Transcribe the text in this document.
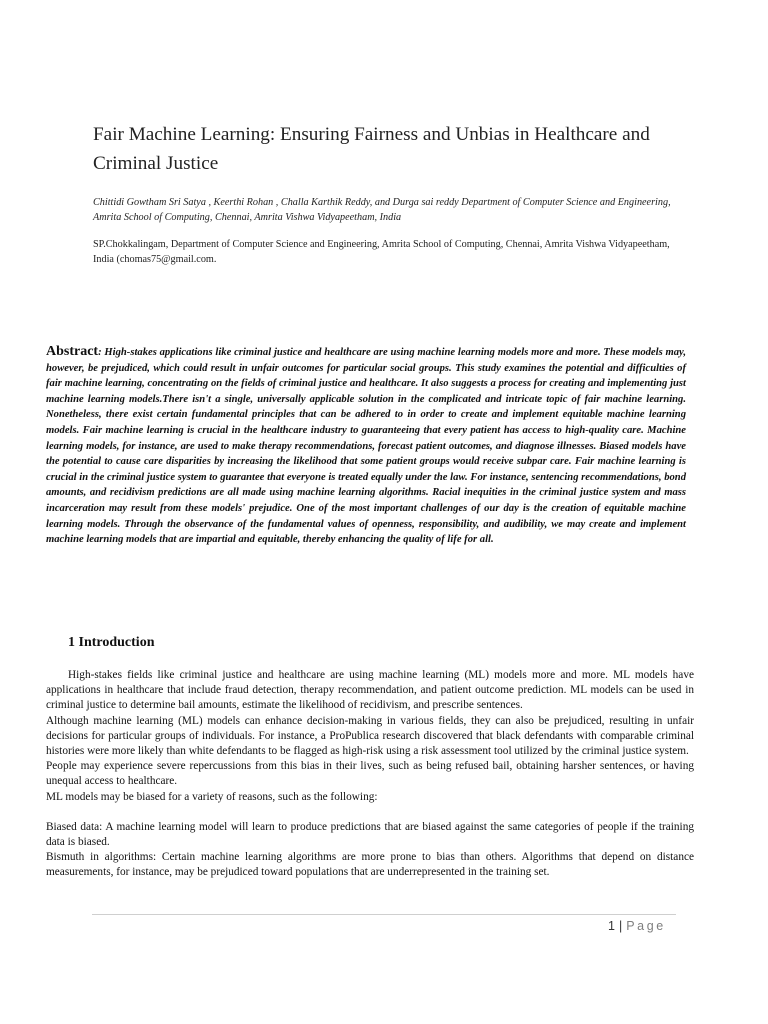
Fair Machine Learning: Ensuring Fairness and Unbias in Healthcare and Criminal Justice

Chittidi Gowtham Sri Satya , Keerthi Rohan , Challa Karthik Reddy, and Durga sai reddy Department of Computer Science and Engineering, Amrita School of Computing, Chennai, Amrita Vishwa Vidyapeetham, India

SP.Chokkalingam, Department of Computer Science and Engineering, Amrita School of Computing, Chennai, Amrita Vishwa Vidyapeetham, India (chomas75@gmail.com.

Abstract: High-stakes applications like criminal justice and healthcare are using machine learning models more and more. These models may, however, be prejudiced, which could result in unfair outcomes for particular social groups. This study examines the potential and difficulties of fair machine learning, concentrating on the fields of criminal justice and healthcare. It also suggests a process for creating and implementing just machine learning models.There isn't a single, universally applicable solution in the complicated and intricate topic of fair machine learning. Nonetheless, there exist certain fundamental principles that can be adhered to in order to create and implement equitable machine learning models. Fair machine learning is crucial in the healthcare industry to guaranteeing that every patient has access to high-quality care. Machine learning models, for instance, are used to make therapy recommendations, forecast patient outcomes, and diagnose illnesses. Biased models have the potential to cause care disparities by increasing the likelihood that some patient groups would receive subpar care. Fair machine learning is crucial in the criminal justice system to guarantee that everyone is treated equally under the law. For instance, sentencing recommendations, bond amounts, and recidivism predictions are all made using machine learning algorithms. Racial inequities in the criminal justice system and mass incarceration may result from these models' prejudice. One of the most important challenges of our day is the creation of equitable machine learning models. Through the observance of the fundamental values of openness, responsibility, and audibility, we may create and implement machine learning models that are impartial and equitable, thereby enhancing the quality of life for all.

1 Introduction

High-stakes fields like criminal justice and healthcare are using machine learning (ML) models more and more. ML models have applications in healthcare that include fraud detection, therapy recommendation, and patient outcome prediction. ML models can be used in criminal justice to determine bail amounts, estimate the likelihood of recidivism, and prescribe sentences.

Although machine learning (ML) models can enhance decision-making in various fields, they can also be prejudiced, resulting in unfair decisions for particular groups of individuals. For instance, a ProPublica research discovered that black defendants with comparable criminal histories were more likely than white defendants to be flagged as high-risk using a risk assessment tool utilized by the criminal justice system.

People may experience severe repercussions from this bias in their lives, such as being refused bail, obtaining harsher sentences, or having unequal access to healthcare.

ML models may be biased for a variety of reasons, such as the following:

Biased data: A machine learning model will learn to produce predictions that are biased against the same categories of people if the training data is biased.

Bismuth in algorithms: Certain machine learning algorithms are more prone to bias than others. Algorithms that depend on distance measurements, for instance, may be prejudiced toward populations that are underrepresented in the training set.

1 | Page
